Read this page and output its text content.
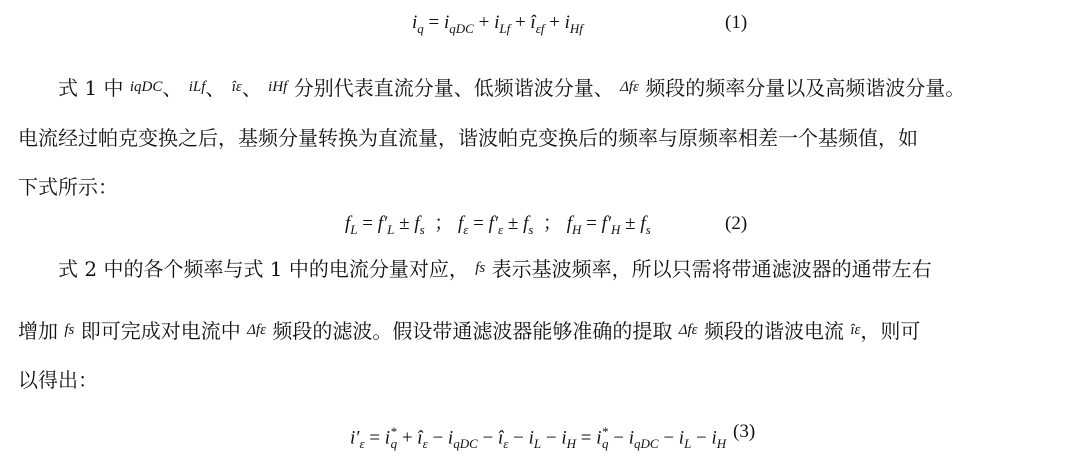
$i_q = i_{qDC} + i_{Lf}$ + $î_{\varepsilon f} + i_{Hf}$	(1)
式 1 中 $^{iqDC}$、 $^{iLf}$、 $^{î\varepsilon}$、 $^{iHf}$ 分别代表直流分量、低频谐波分量、 $^{\Delta f\varepsilon}$ 频段的频率分量以及高频谐波分量。
电流经过帕克变换之后，基频分量转换为直流量，谐波帕克变换后的频率与原频率相差一个基频值，如
下式所示：
$f_L = f'_L \pm f_s$  ； $f_\varepsilon = f'_\varepsilon \pm f_s$  ； $f_H = f'_H \pm f_s$	(2)
式 2 中的各个频率与式 1 中的电流分量对应， $^{fs}$ 表示基波频率，所以只需将带通滤波器的通带左右
增加 $^{fs}$ 即可完成对电流中 $^{\Delta f\varepsilon}$ 频段的滤波。假设带通滤波器能够准确的提取 $^{\Delta f\varepsilon}$ 频段的谐波电流 $^{î\varepsilon}$，则可
以得出：
$i'_\varepsilon = i^*_q$ + $î_\varepsilon - i_{qDC}$ − $î_\varepsilon - i_L - i_H = i^*_q - i_{qDC} - i_L - i_H$
(3)
